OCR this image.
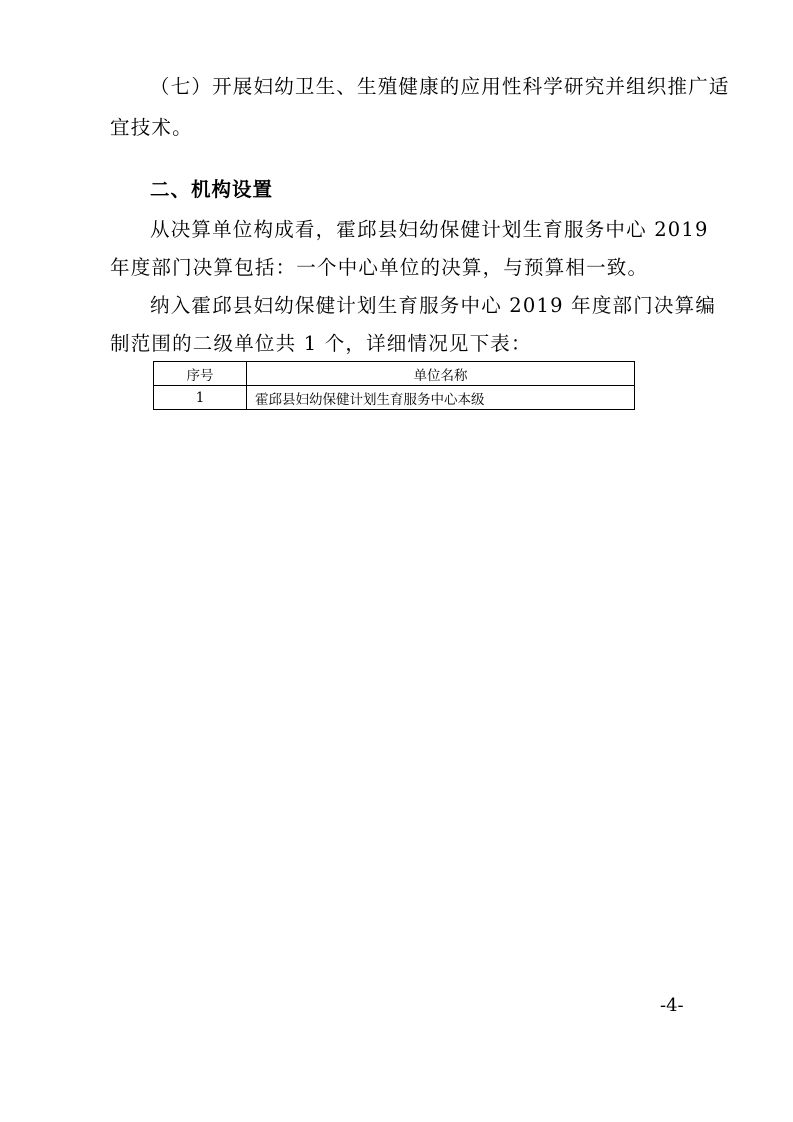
（七）开展妇幼卫生、生殖健康的应用性科学研究并组织推广适
宜技术。
二、机构设置
从决算单位构成看，霍邱县妇幼保健计划生育服务中心 2019
年度部门决算包括：一个中心单位的决算，与预算相一致。
纳入霍邱县妇幼保健计划生育服务中心 2019 年度部门决算编
制范围的二级单位共 1 个，详细情况见下表：
序号	单位名称
1	霍邱县妇幼保健计划生育服务中心本级
-4-
